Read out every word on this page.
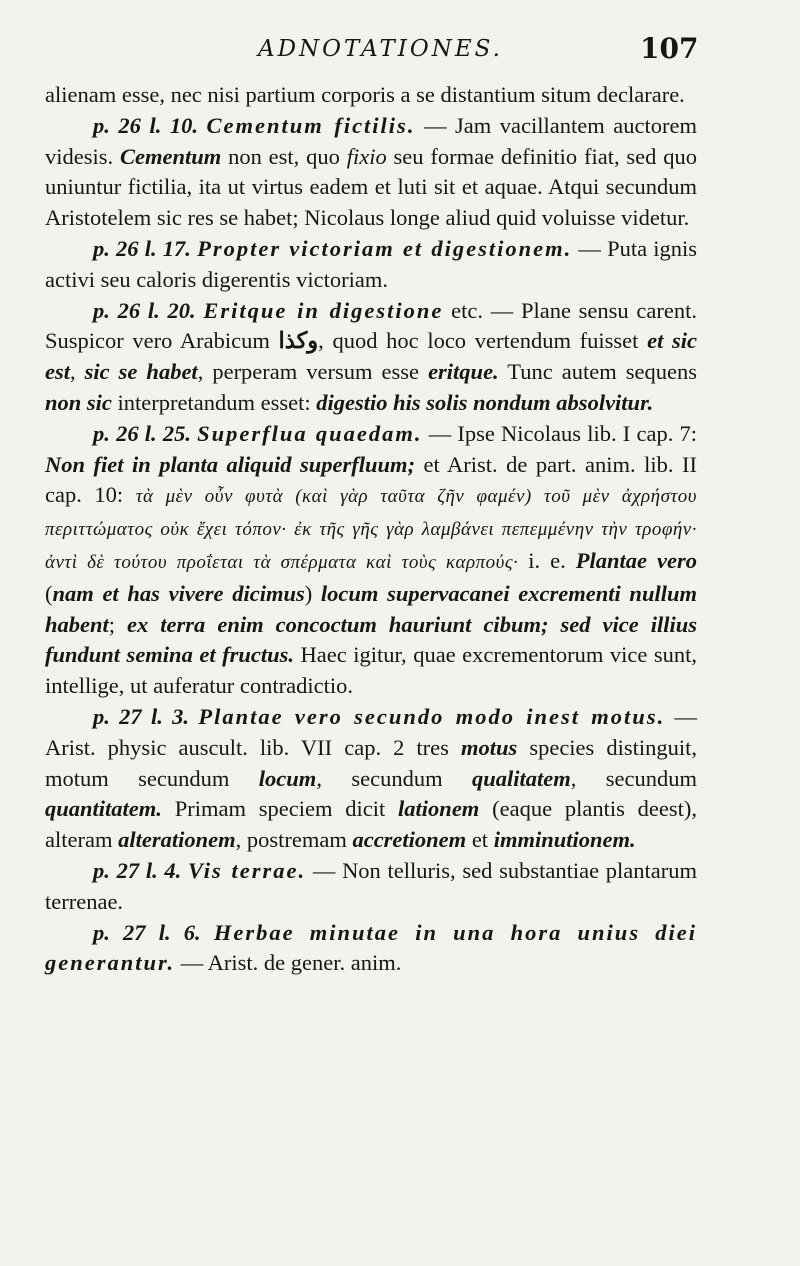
ADNOTATIONES.	107

alienam esse, nec nisi partium corporis a se distantium situm declarare.

p. 26 l. 10. Cementum fictilis. — Jam vacillantem auctorem videsis. Cementum non est, quo fixio seu formae definitio fiat, sed quo uniuntur fictilia, ita ut virtus eadem et luti sit et aquae. Atqui secundum Aristotelem sic res se habet; Nicolaus longe aliud quid voluisse videtur.

p. 26 l. 17. Propter victoriam et digestionem. — Puta ignis activi seu caloris digerentis victoriam.

p. 26 l. 20. Eritque in digestione etc. — Plane sensu carent. Suspicor vero Arabicum وكذا, quod hoc loco vertendum fuisset et sic est, sic se habet, perperam versum esse eritque. Tunc autem sequens non sic interpretandum esset: digestio his solis nondum absolvitur.

p. 26 l. 25. Superflua quaedam. — Ipse Nicolaus lib. I cap. 7: Non fiet in planta aliquid superfluum; et Arist. de part. anim. lib. II cap. 10: τὰ μὲν οὖν φυτὰ (καὶ γὰρ ταῦτα ζῆν φαμέν) τοῦ μὲν ἀχρήστου περιττώματος οὐκ ἔχει τόπον· ἐκ τῆς γῆς γὰρ λαμβάνει πεπεμμένην τὴν τροφήν· ἀντὶ δὲ τούτου προΐεται τὰ σπέρματα καὶ τοὺς καρπούς· i. e. Plantae vero (nam et has vivere dicimus) locum supervacanei excrementi nullum habent; ex terra enim concoctum hauriunt cibum; sed vice illius fundunt semina et fructus. Haec igitur, quae excrementorum vice sunt, intellige, ut auferatur contradictio.

p. 27 l. 3. Plantae vero secundo modo inest motus. — Arist. physic auscult. lib. VII cap. 2 tres motus species distinguit, motum secundum locum, secundum qualitatem, secundum quantitatem. Primam speciem dicit lationem (eaque plantis deest), alteram alterationem, postremam accretionem et imminutionem.

p. 27 l. 4. Vis terrae. — Non telluris, sed substantiae plantarum terrenae.

p. 27 l. 6. Herbae minutae in una hora unius diei generantur. — Arist. de gener. anim.
